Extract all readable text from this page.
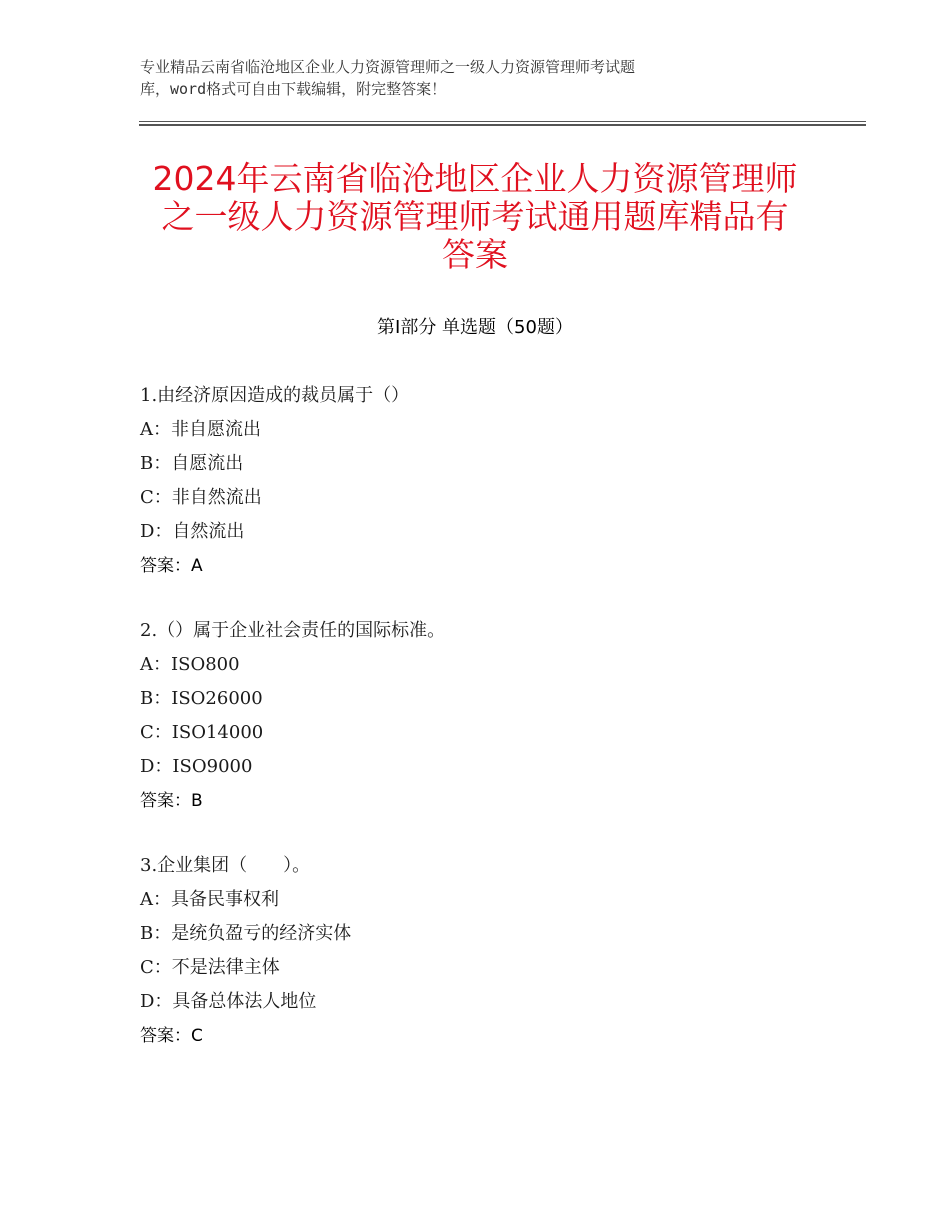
专业精品云南省临沧地区企业人力资源管理师之一级人力资源管理师考试题
库，word格式可自由下载编辑，附完整答案！
2024年云南省临沧地区企业人力资源管理师
之一级人力资源管理师考试通用题库精品有
答案
第Ⅰ部分 单选题（50题）
1.由经济原因造成的裁员属于（）
A：非自愿流出
B：自愿流出
C：非自然流出
D：自然流出
答案：A
2.（）属于企业社会责任的国际标准。
A：ISO800
B：ISO26000
C：ISO14000
D：ISO9000
答案：B
3.企业集团（　　）。
A：具备民事权利
B：是统负盈亏的经济实体
C：不是法律主体
D：具备总体法人地位
答案：C
